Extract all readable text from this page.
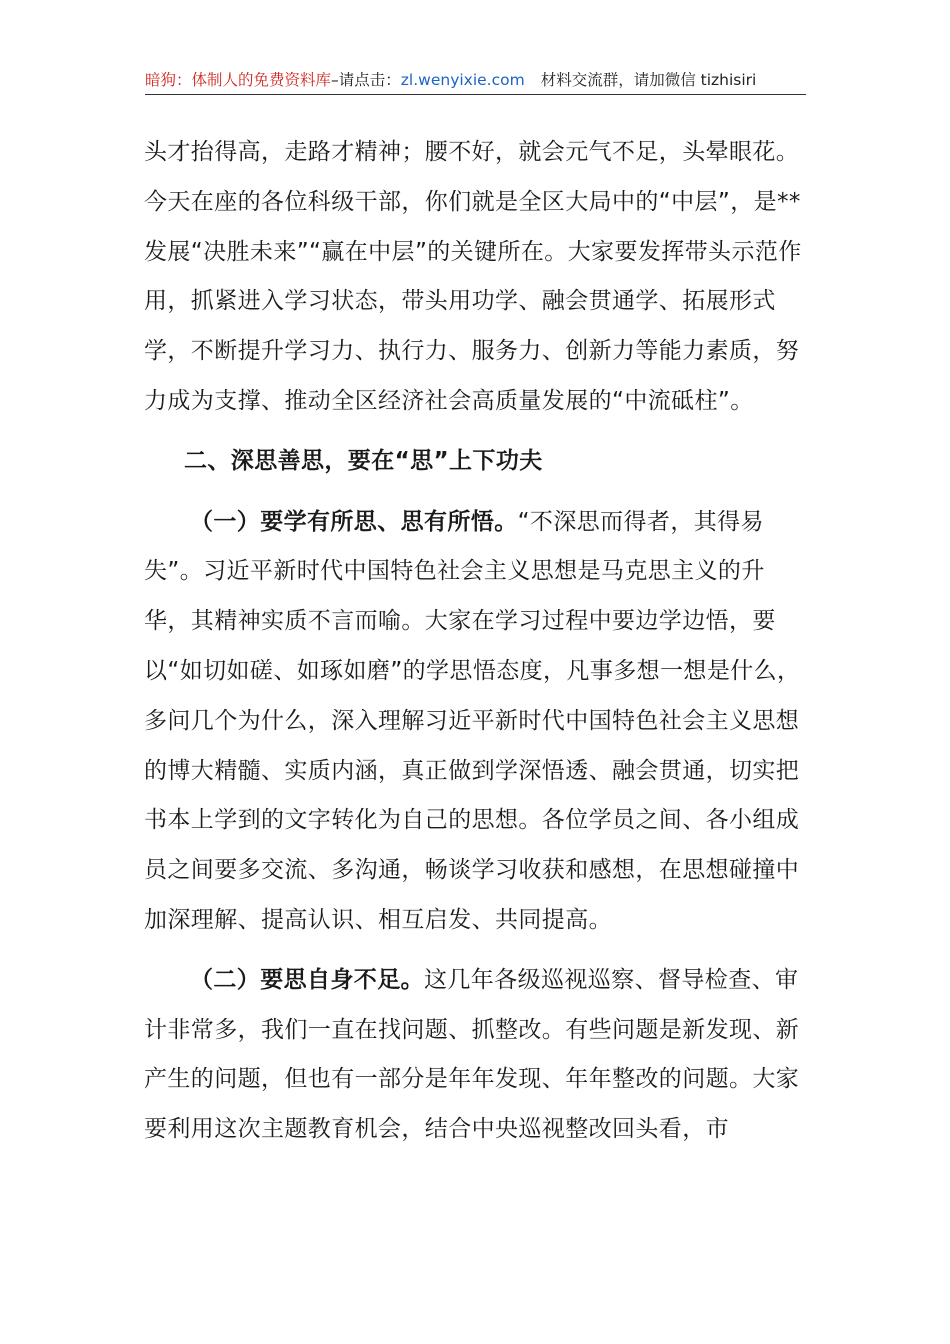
暗狗：体制人的免费资料库–请点击：zl.wenyixie.com 材料交流群，请加微信 tizhisiri

头才抬得高，走路才精神；腰不好，就会元气不足，头晕眼花。今天在座的各位科级干部，你们就是全区大局中的“中层”，是**发展“决胜未来”“赢在中层”的关键所在。大家要发挥带头示范作用，抓紧进入学习状态，带头用功学、融会贯通学、拓展形式学，不断提升学习力、执行力、服务力、创新力等能力素质，努力成为支撑、推动全区经济社会高质量发展的“中流砥柱”。

二、深思善思，要在“思”上下功夫

（一）要学有所思、思有所悟。“不深思而得者，其得易失”。习近平新时代中国特色社会主义思想是马克思主义的升华，其精神实质不言而喻。大家在学习过程中要边学边悟，要以“如切如磋、如琢如磨”的学思悟态度，凡事多想一想是什么，多问几个为什么，深入理解习近平新时代中国特色社会主义思想的博大精髓、实质内涵，真正做到学深悟透、融会贯通，切实把书本上学到的文字转化为自己的思想。各位学员之间、各小组成员之间要多交流、多沟通，畅谈学习收获和感想，在思想碰撞中加深理解、提高认识、相互启发、共同提高。

（二）要思自身不足。这几年各级巡视巡察、督导检查、审计非常多，我们一直在找问题、抓整改。有些问题是新发现、新产生的问题，但也有一部分是年年发现、年年整改的问题。大家要利用这次主题教育机会，结合中央巡视整改回头看，市
